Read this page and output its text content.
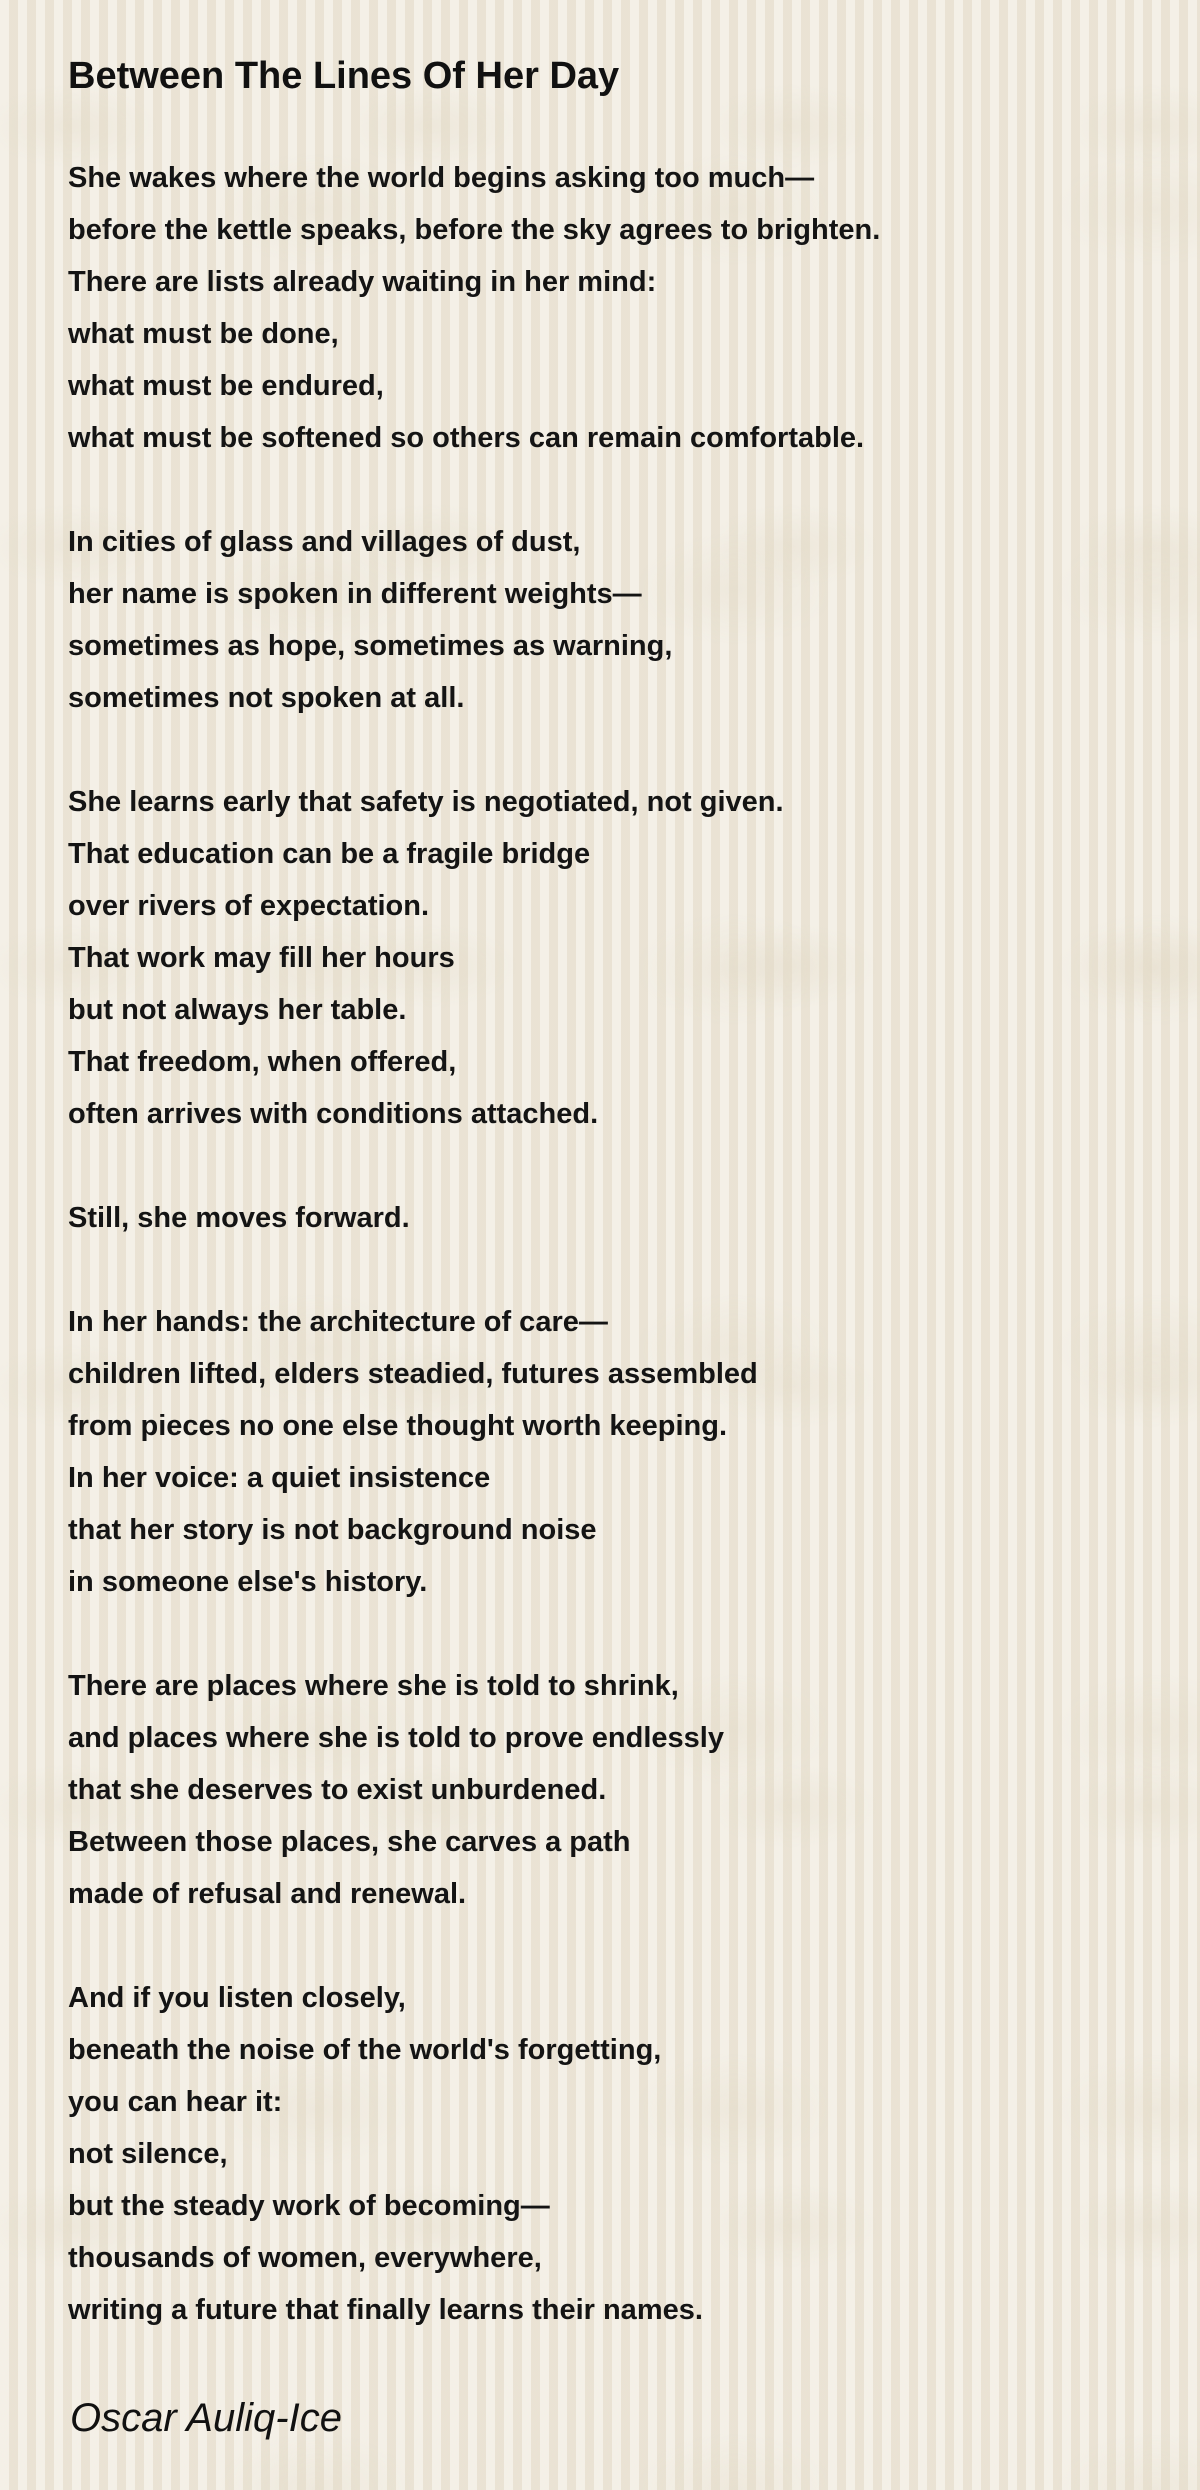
Between The Lines Of Her Day
She wakes where the world begins asking too much—
before the kettle speaks, before the sky agrees to brighten.
There are lists already waiting in her mind:
what must be done,
what must be endured,
what must be softened so others can remain comfortable.
In cities of glass and villages of dust,
her name is spoken in different weights—
sometimes as hope, sometimes as warning,
sometimes not spoken at all.
She learns early that safety is negotiated, not given.
That education can be a fragile bridge
over rivers of expectation.
That work may fill her hours
but not always her table.
That freedom, when offered,
often arrives with conditions attached.
Still, she moves forward.
In her hands: the architecture of care—
children lifted, elders steadied, futures assembled
from pieces no one else thought worth keeping.
In her voice: a quiet insistence
that her story is not background noise
in someone else's history.
There are places where she is told to shrink,
and places where she is told to prove endlessly
that she deserves to exist unburdened.
Between those places, she carves a path
made of refusal and renewal.
And if you listen closely,
beneath the noise of the world's forgetting,
you can hear it:
not silence,
but the steady work of becoming—
thousands of women, everywhere,
writing a future that finally learns their names.
Oscar Auliq-Ice
